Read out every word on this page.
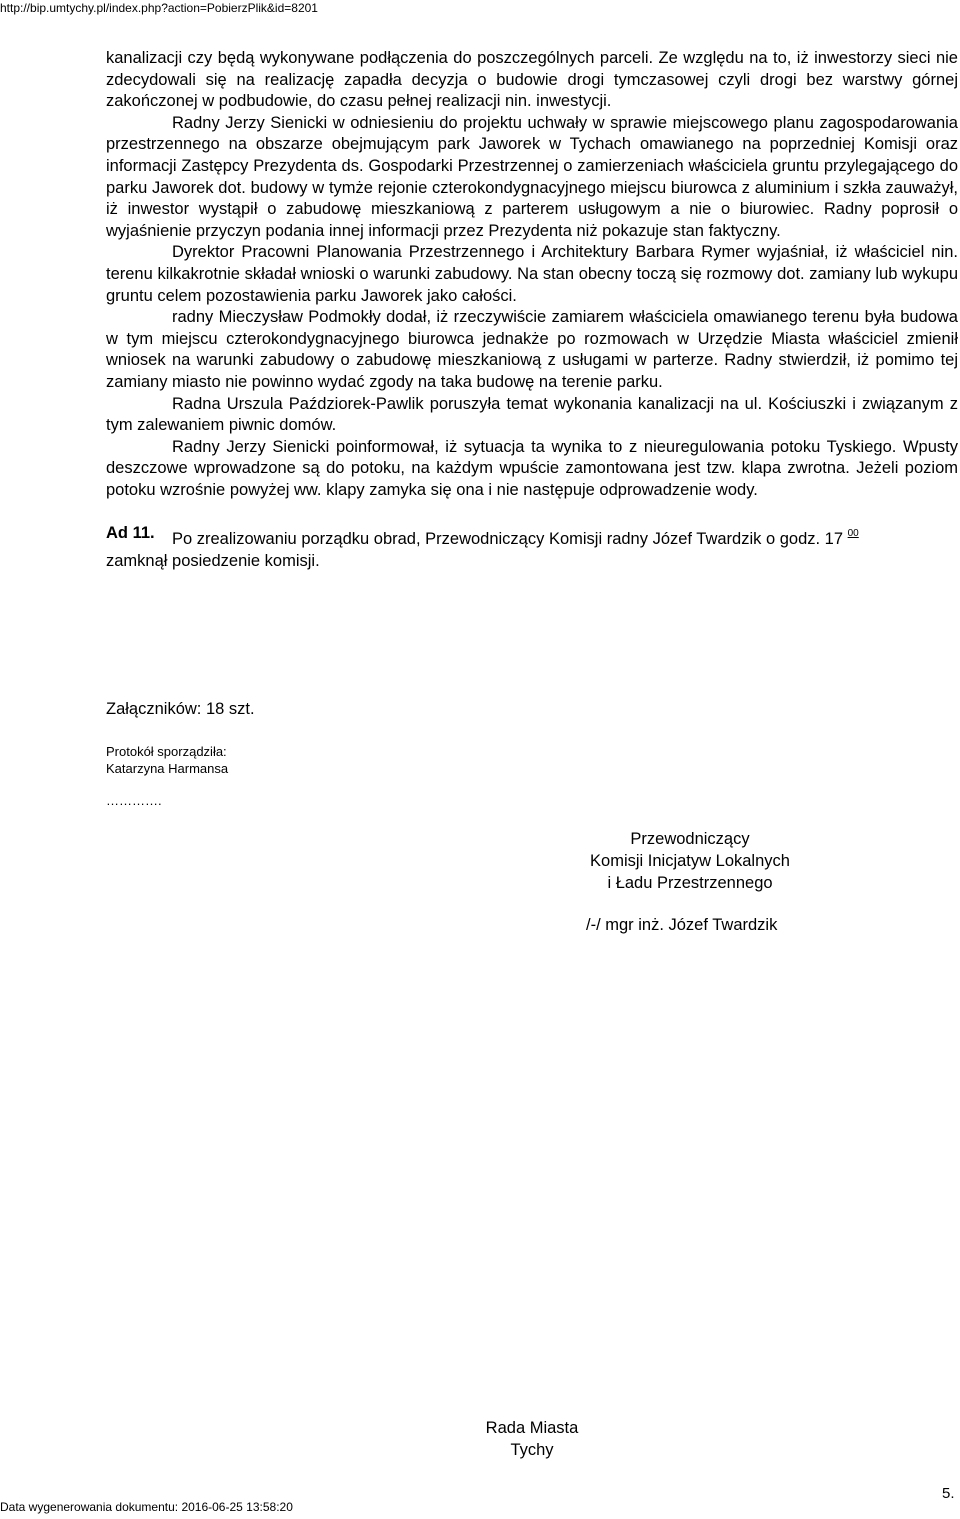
http://bip.umtychy.pl/index.php?action=PobierzPlik&id=8201

kanalizacji czy będą wykonywane podłączenia do poszczególnych parceli. Ze względu na to, iż inwestorzy sieci nie zdecydowali się na realizację zapadła decyzja o budowie drogi tymczasowej czyli drogi bez warstwy górnej zakończonej w podbudowie, do czasu pełnej realizacji nin. inwestycji.

Radny Jerzy Sienicki w odniesieniu do projektu uchwały w sprawie miejscowego planu zagospodarowania przestrzennego na obszarze obejmującym park Jaworek w Tychach omawianego na poprzedniej Komisji oraz informacji Zastępcy Prezydenta ds. Gospodarki Przestrzennej o zamierzeniach właściciela gruntu przylegającego do parku Jaworek dot. budowy w tymże rejonie czterokondygnacyjnego miejscu biurowca z aluminium i szkła zauważył, iż inwestor wystąpił o zabudowę mieszkaniową z parterem usługowym a nie o biurowiec. Radny poprosił o wyjaśnienie przyczyn podania innej informacji przez Prezydenta niż pokazuje stan faktyczny.

Dyrektor Pracowni Planowania Przestrzennego i Architektury Barbara Rymer wyjaśniał, iż właściciel nin. terenu kilkakrotnie składał wnioski o warunki zabudowy. Na stan obecny toczą się rozmowy dot. zamiany lub wykupu gruntu celem pozostawienia parku Jaworek jako całości.

radny Mieczysław Podmokły dodał, iż rzeczywiście zamiarem właściciela omawianego terenu była budowa w tym miejscu czterokondygnacyjnego biurowca jednakże po rozmowach w Urzędzie Miasta właściciel zmienił wniosek na warunki zabudowy o zabudowę mieszkaniową z usługami w parterze. Radny stwierdził, iż pomimo tej zamiany miasto nie powinno wydać zgody na taka budowę na terenie parku.

Radna Urszula Paździorek-Pawlik poruszyła temat wykonania kanalizacji na ul. Kościuszki i związanym z tym zalewaniem piwnic domów.

Radny Jerzy Sienicki poinformował, iż sytuacja ta wynika to z nieuregulowania potoku Tyskiego. Wpusty deszczowe wprowadzone są do potoku, na każdym wpuście zamontowana jest tzw. klapa zwrotna. Jeżeli poziom potoku wzrośnie powyżej ww. klapy zamyka się ona i nie następuje odprowadzenie wody.

Ad 11. Po zrealizowaniu porządku obrad, Przewodniczący Komisji radny Józef Twardzik o godz. 17 $^{00}$
zamknął posiedzenie komisji.

Załączników: 18 szt.
Protokół sporządziła:
Katarzyna Harmansa
………….
Przewodniczący
Komisji Inicjatyw Lokalnych
i Ładu Przestrzennego
/-/ mgr inż. Józef Twardzik
Rada Miasta
Tychy
5.
Data wygenerowania dokumentu: 2016-06-25 13:58:20
